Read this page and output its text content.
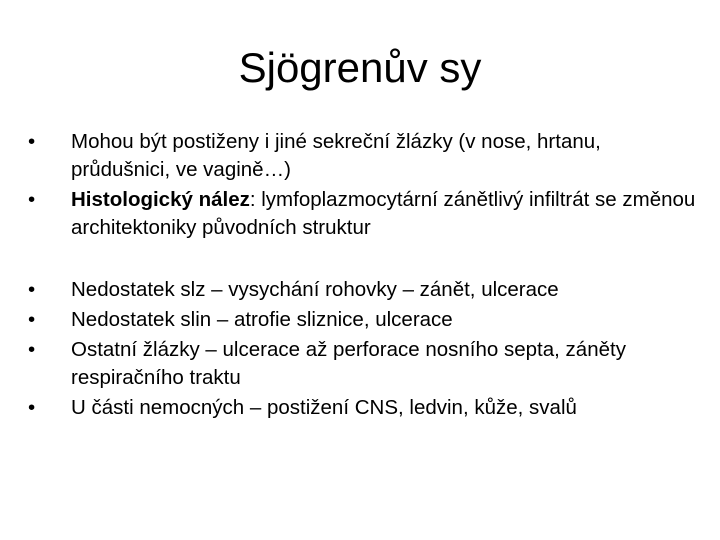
Sjögrenův sy
•	Mohou být postiženy i jiné sekreční žlázky (v nose, hrtanu, průdušnici, ve vagině…)
•	Histologický nález: lymfoplazmocytární zánětlivý infiltrát se změnou architektoniky původních struktur
•	Nedostatek slz – vysychání rohovky – zánět, ulcerace
•	Nedostatek slin – atrofie sliznice, ulcerace
•	Ostatní žlázky – ulcerace až perforace nosního septa, záněty respiračního traktu
•	U části nemocných – postižení CNS, ledvin, kůže, svalů
